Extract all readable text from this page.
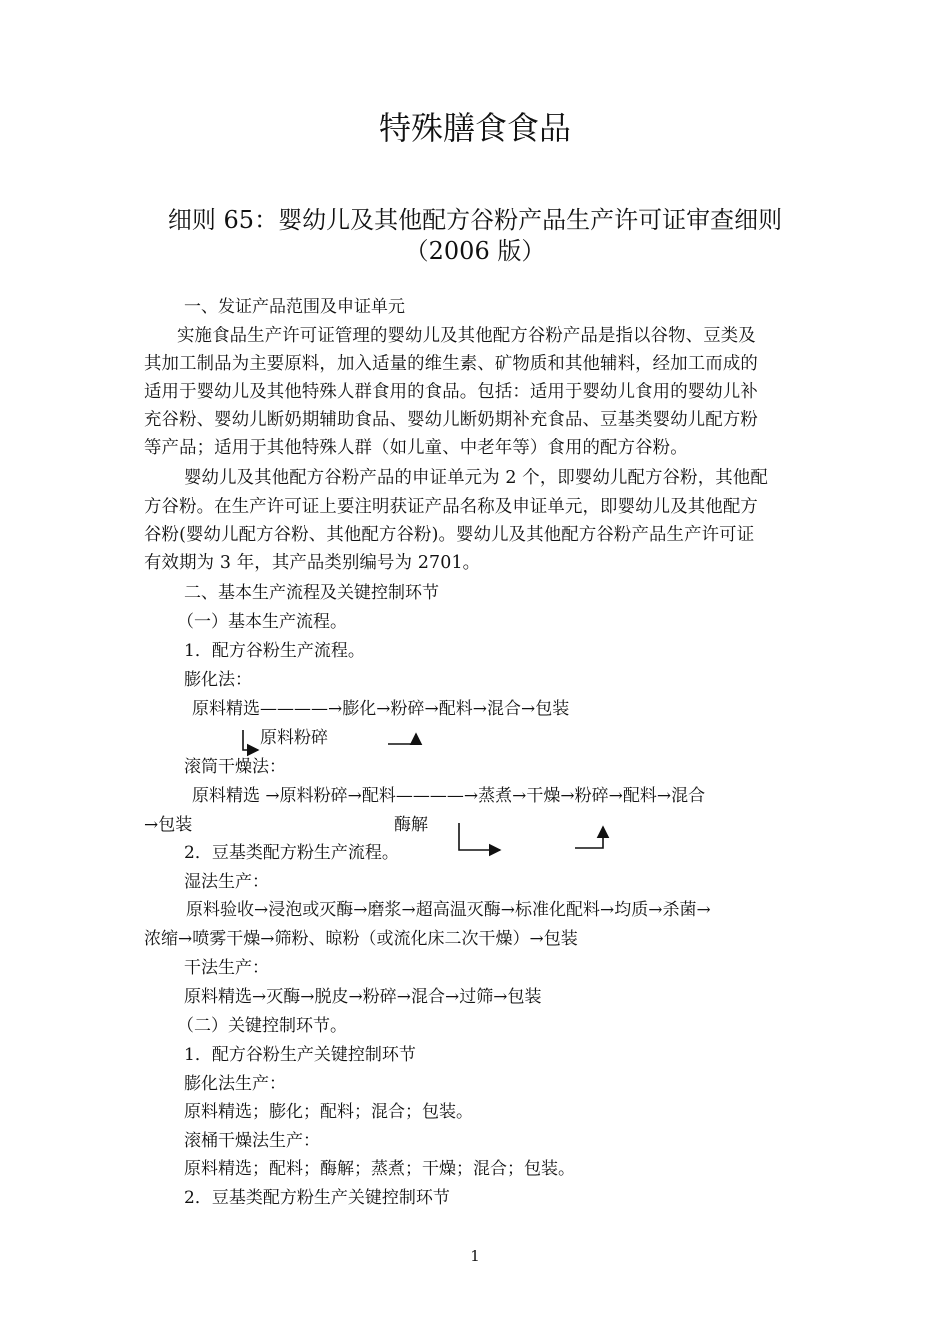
特殊膳食食品
细则 65：婴幼儿及其他配方谷粉产品生产许可证审查细则
（2006 版）
一、发证产品范围及申证单元
实施食品生产许可证管理的婴幼儿及其他配方谷粉产品是指以谷物、豆类及
其加工制品为主要原料，加入适量的维生素、矿物质和其他辅料，经加工而成的
适用于婴幼儿及其他特殊人群食用的食品。包括：适用于婴幼儿食用的婴幼儿补
充谷粉、婴幼儿断奶期辅助食品、婴幼儿断奶期补充食品、豆基类婴幼儿配方粉
等产品；适用于其他特殊人群（如儿童、中老年等）食用的配方谷粉。
婴幼儿及其他配方谷粉产品的申证单元为 2 个，即婴幼儿配方谷粉，其他配
方谷粉。在生产许可证上要注明获证产品名称及申证单元，即婴幼儿及其他配方
谷粉(婴幼儿配方谷粉、其他配方谷粉)。婴幼儿及其他配方谷粉产品生产许可证
有效期为 3 年，其产品类别编号为 2701。
二、基本生产流程及关键控制环节
（一）基本生产流程。
1．配方谷粉生产流程。
膨化法：
原料精选————→膨化→粉碎→配料→混合→包装
原料粉碎
滚筒干燥法：
原料精选 →原料粉碎→配料————→蒸煮→干燥→粉碎→配料→混合
→包装	酶解
2．豆基类配方粉生产流程。
湿法生产：
原料验收→浸泡或灭酶→磨浆→超高温灭酶→标准化配料→均质→杀菌→
浓缩→喷雾干燥→筛粉、晾粉（或流化床二次干燥）→包装
干法生产：
原料精选→灭酶→脱皮→粉碎→混合→过筛→包装
（二）关键控制环节。
1．配方谷粉生产关键控制环节
膨化法生产：
原料精选；膨化；配料；混合；包装。
滚桶干燥法生产：
原料精选；配料；酶解；蒸煮；干燥；混合；包装。
2．豆基类配方粉生产关键控制环节
1
